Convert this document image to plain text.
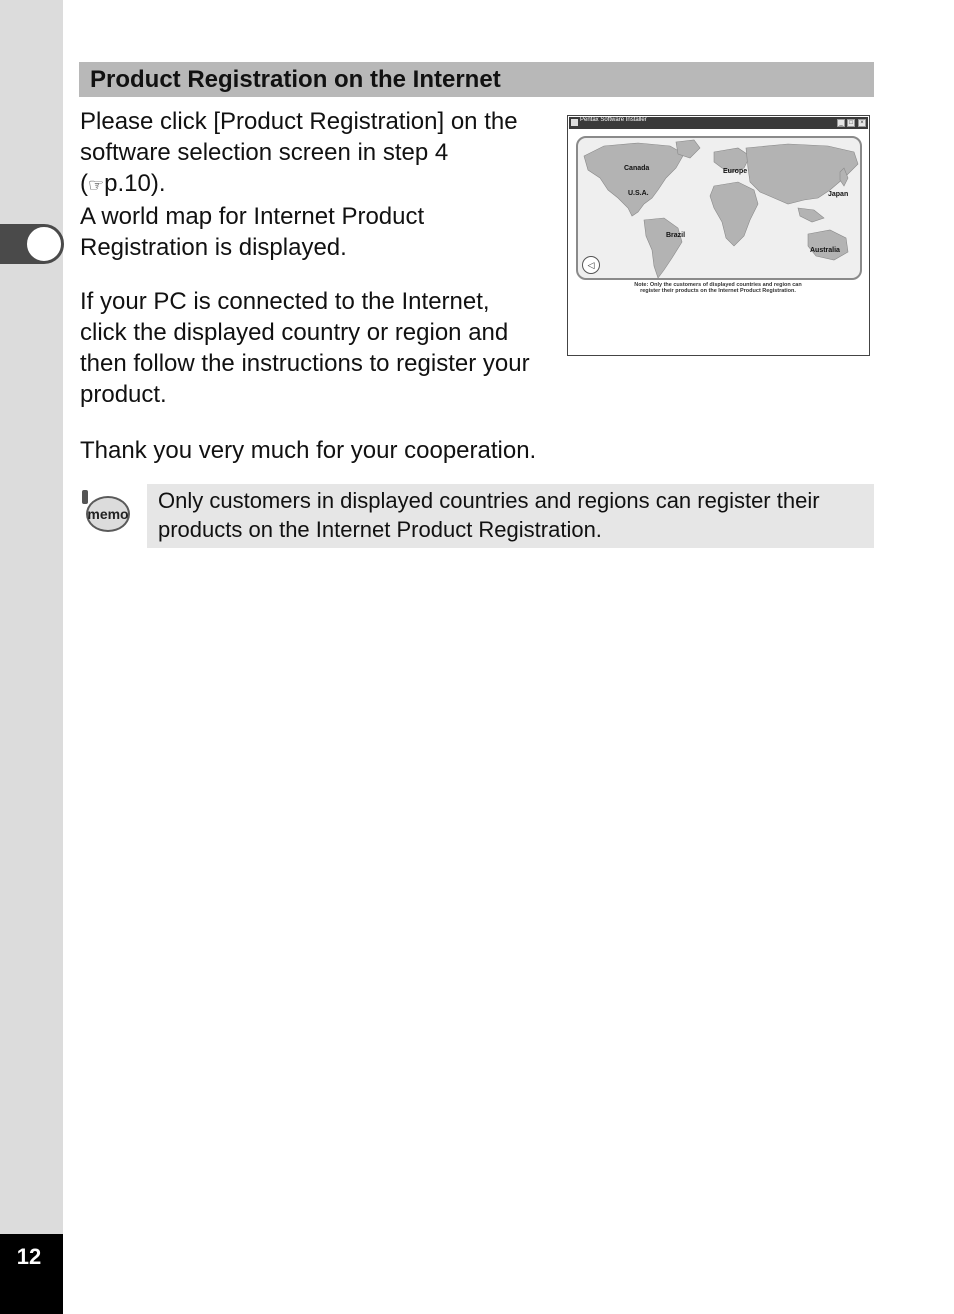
12
Product Registration on the Internet
Please click [Product Registration] on the
software selection screen in step 4
(☞p.10).
A world map for Internet Product
Registration is displayed.
If your PC is connected to the Internet,
click the displayed country or region and
then follow the instructions to register your
product.
Thank you very much for your cooperation.
Pentax Software Installer	_	□	×
Canada
U.S.A.
Europe
Japan
Brazil
Australia
◁
Note: Only the customers of displayed countries and region can
register their products on the Internet Product Registration.
memo
Only customers in displayed countries and regions can register their products on the Internet Product Registration.
